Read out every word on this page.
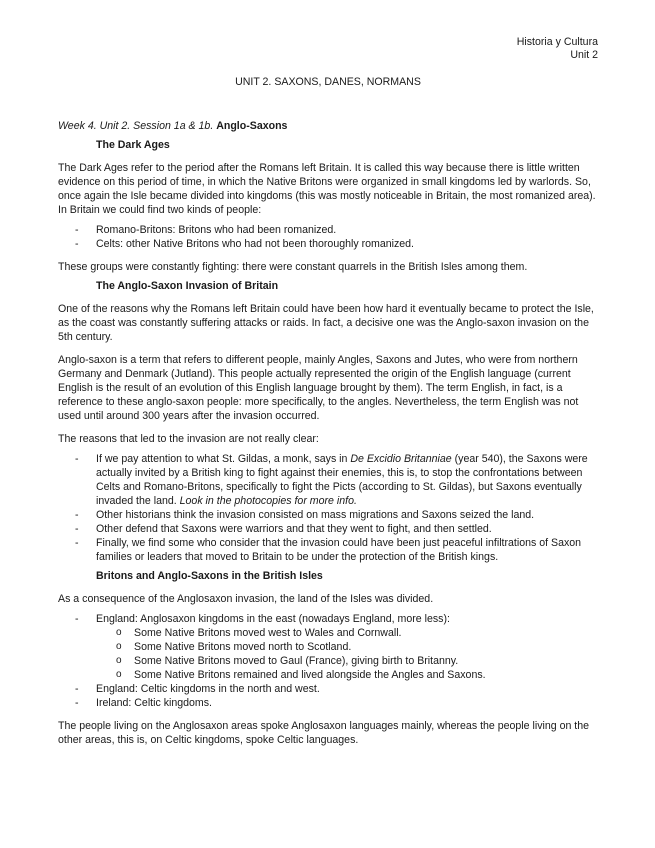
Historia y Cultura
Unit 2
UNIT 2. SAXONS, DANES, NORMANS
Week 4. Unit 2. Session 1a & 1b. Anglo-Saxons
The Dark Ages

The Dark Ages refer to the period after the Romans left Britain. It is called this way because there is little written evidence on this period of time, in which the Native Britons were organized in small kingdoms led by warlords. So, once again the Isle became divided into kingdoms (this was mostly noticeable in Britain, the most romanized area). In Britain we could find two kinds of people:

- Romano-Britons: Britons who had been romanized.
- Celts: other Native Britons who had not been thoroughly romanized.

These groups were constantly fighting: there were constant quarrels in the British Isles among them.

The Anglo-Saxon Invasion of Britain

One of the reasons why the Romans left Britain could have been how hard it eventually became to protect the Isle, as the coast was constantly suffering attacks or raids. In fact, a decisive one was the Anglo-saxon invasion on the 5th century.

Anglo-saxon is a term that refers to different people, mainly Angles, Saxons and Jutes, who were from northern Germany and Denmark (Jutland). This people actually represented the origin of the English language (current English is the result of an evolution of this English language brought by them). The term English, in fact, is a reference to these anglo-saxon people: more specifically, to the angles. Nevertheless, the term English was not used until around 300 years after the invasion occurred.

The reasons that led to the invasion are not really clear:

- If we pay attention to what St. Gildas, a monk, says in De Excidio Britanniae (year 540), the Saxons were actually invited by a British king to fight against their enemies, this is, to stop the confrontations between Celts and Romano-Britons, specifically to fight the Picts (according to St. Gildas), but Saxons eventually invaded the land. Look in the photocopies for more info.
- Other historians think the invasion consisted on mass migrations and Saxons seized the land.
- Other defend that Saxons were warriors and that they went to fight, and then settled.
- Finally, we find some who consider that the invasion could have been just peaceful infiltrations of Saxon families or leaders that moved to Britain to be under the protection of the British kings.
Britons and Anglo-Saxons in the British Isles

As a consequence of the Anglosaxon invasion, the land of the Isles was divided.

- England: Anglosaxon kingdoms in the east (nowadays England, more less):
o Some Native Britons moved west to Wales and Cornwall.
o Some Native Britons moved north to Scotland.
o Some Native Britons moved to Gaul (France), giving birth to Britanny.
o Some Native Britons remained and lived alongside the Angles and Saxons.
- England: Celtic kingdoms in the north and west.
- Ireland: Celtic kingdoms.

The people living on the Anglosaxon areas spoke Anglosaxon languages mainly, whereas the people living on the other areas, this is, on Celtic kingdoms, spoke Celtic languages.
